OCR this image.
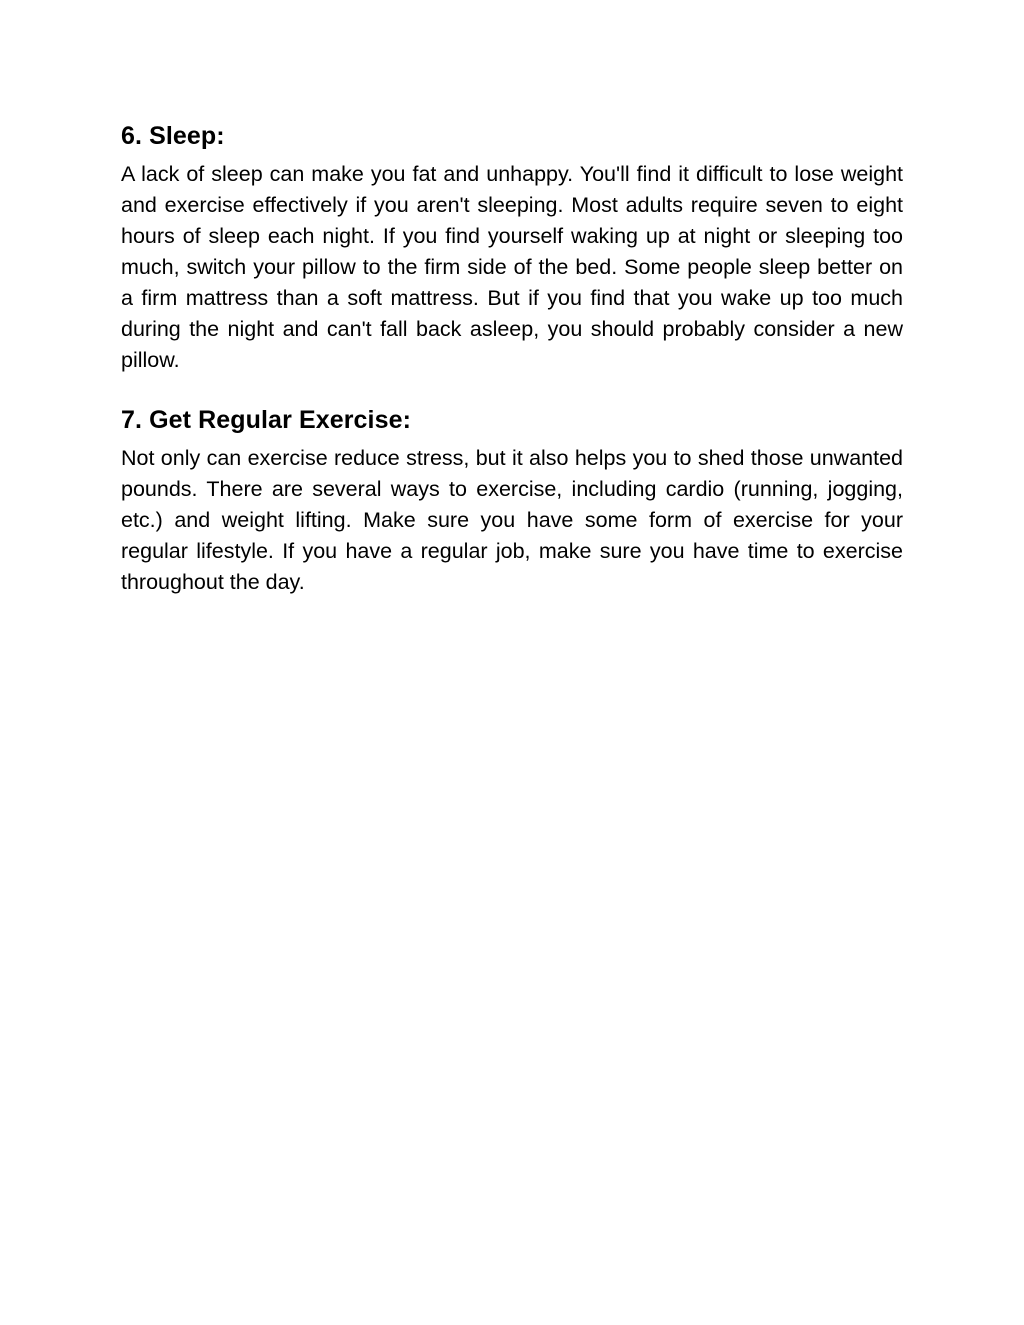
6. Sleep:

A lack of sleep can make you fat and unhappy. You'll find it difficult to lose weight and exercise effectively if you aren't sleeping. Most adults require seven to eight hours of sleep each night. If you find yourself waking up at night or sleeping too much, switch your pillow to the firm side of the bed. Some people sleep better on a firm mattress than a soft mattress. But if you find that you wake up too much during the night and can't fall back asleep, you should probably consider a new pillow.

7. Get Regular Exercise:

Not only can exercise reduce stress, but it also helps you to shed those unwanted pounds. There are several ways to exercise, including cardio (running, jogging, etc.) and weight lifting. Make sure you have some form of exercise for your regular lifestyle. If you have a regular job, make sure you have time to exercise throughout the day.
